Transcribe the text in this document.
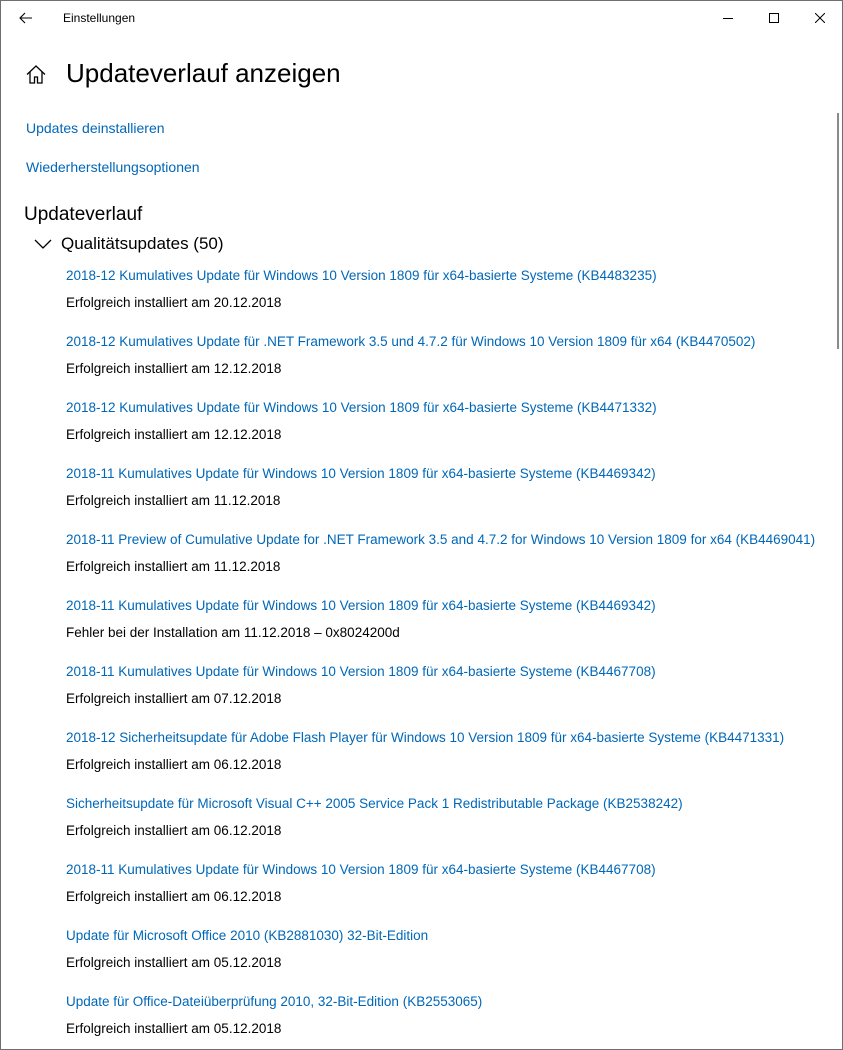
Einstellungen
Updateverlauf anzeigen
Updates deinstallieren
Wiederherstellungsoptionen
Updateverlauf
Qualitätsupdates (50)
2018-12 Kumulatives Update für Windows 10 Version 1809 für x64-basierte Systeme (KB4483235)
Erfolgreich installiert am 20.12.2018
2018-12 Kumulatives Update für .NET Framework 3.5 und 4.7.2 für Windows 10 Version 1809 für x64 (KB4470502)
Erfolgreich installiert am 12.12.2018
2018-12 Kumulatives Update für Windows 10 Version 1809 für x64-basierte Systeme (KB4471332)
Erfolgreich installiert am 12.12.2018
2018-11 Kumulatives Update für Windows 10 Version 1809 für x64-basierte Systeme (KB4469342)
Erfolgreich installiert am 11.12.2018
2018-11 Preview of Cumulative Update for .NET Framework 3.5 and 4.7.2 for Windows 10 Version 1809 for x64 (KB4469041)
Erfolgreich installiert am 11.12.2018
2018-11 Kumulatives Update für Windows 10 Version 1809 für x64-basierte Systeme (KB4469342)
Fehler bei der Installation am 11.12.2018 – 0x8024200d
2018-11 Kumulatives Update für Windows 10 Version 1809 für x64-basierte Systeme (KB4467708)
Erfolgreich installiert am 07.12.2018
2018-12 Sicherheitsupdate für Adobe Flash Player für Windows 10 Version 1809 für x64-basierte Systeme (KB4471331)
Erfolgreich installiert am 06.12.2018
Sicherheitsupdate für Microsoft Visual C++ 2005 Service Pack 1 Redistributable Package (KB2538242)
Erfolgreich installiert am 06.12.2018
2018-11 Kumulatives Update für Windows 10 Version 1809 für x64-basierte Systeme (KB4467708)
Erfolgreich installiert am 06.12.2018
Update für Microsoft Office 2010 (KB2881030) 32-Bit-Edition
Erfolgreich installiert am 05.12.2018
Update für Office-Dateiüberprüfung 2010, 32-Bit-Edition (KB2553065)
Erfolgreich installiert am 05.12.2018
